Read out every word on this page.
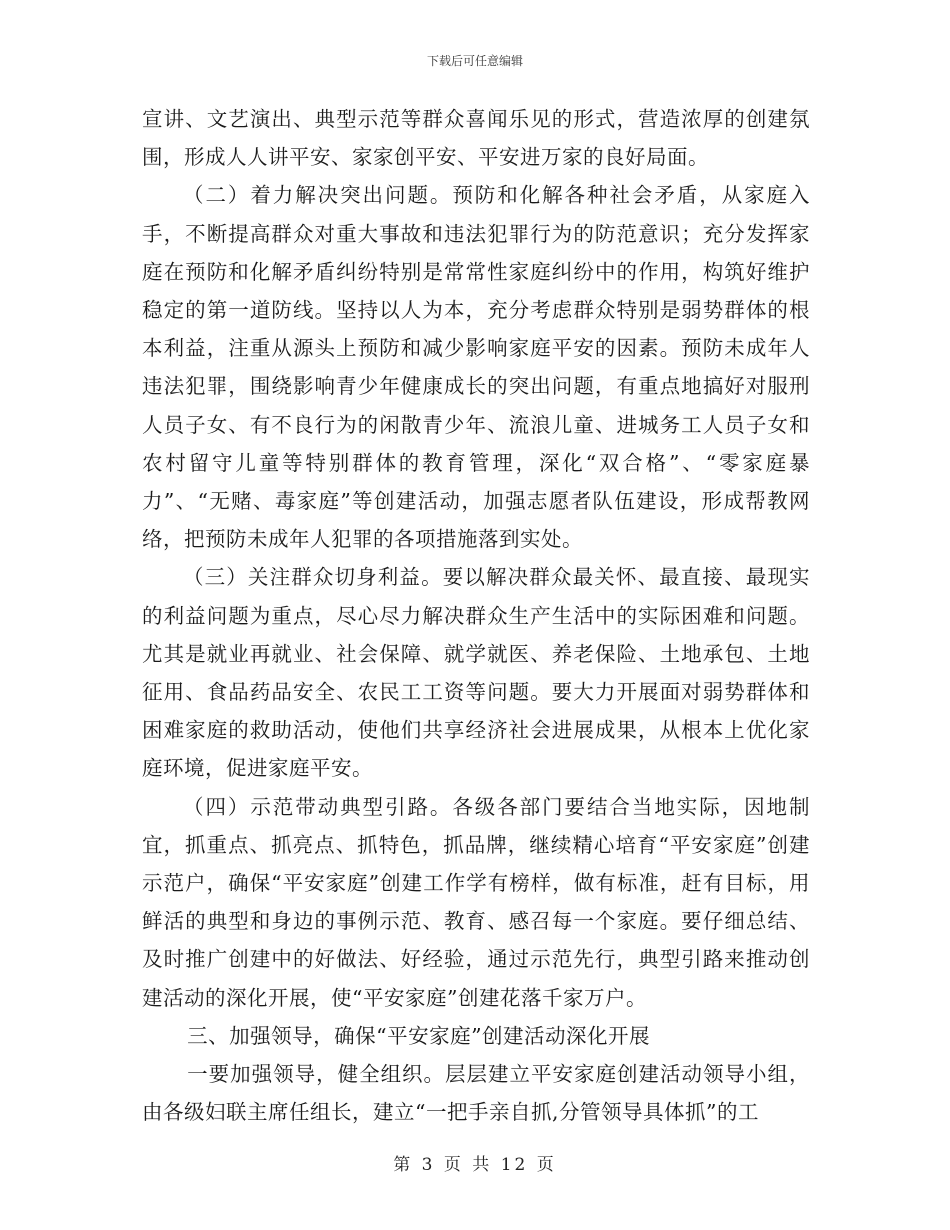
下载后可任意编辑

宣讲、文艺演出、典型示范等群众喜闻乐见的形式，营造浓厚的创建氛围，形成人人讲平安、家家创平安、平安进万家的良好局面。

（二）着力解决突出问题。预防和化解各种社会矛盾，从家庭入手，不断提高群众对重大事故和违法犯罪行为的防范意识；充分发挥家庭在预防和化解矛盾纠纷特别是常常性家庭纠纷中的作用，构筑好维护稳定的第一道防线。坚持以人为本，充分考虑群众特别是弱势群体的根本利益，注重从源头上预防和减少影响家庭平安的因素。预防未成年人违法犯罪，围绕影响青少年健康成长的突出问题，有重点地搞好对服刑人员子女、有不良行为的闲散青少年、流浪儿童、进城务工人员子女和农村留守儿童等特别群体的教育管理，深化“双合格”、“零家庭暴力”、“无赌、毒家庭”等创建活动，加强志愿者队伍建设，形成帮教网络，把预防未成年人犯罪的各项措施落到实处。

（三）关注群众切身利益。要以解决群众最关怀、最直接、最现实的利益问题为重点，尽心尽力解决群众生产生活中的实际困难和问题。尤其是就业再就业、社会保障、就学就医、养老保险、土地承包、土地征用、食品药品安全、农民工工资等问题。要大力开展面对弱势群体和困难家庭的救助活动，使他们共享经济社会进展成果，从根本上优化家庭环境，促进家庭平安。

（四）示范带动典型引路。各级各部门要结合当地实际，因地制宜，抓重点、抓亮点、抓特色，抓品牌，继续精心培育“平安家庭”创建示范户，确保“平安家庭”创建工作学有榜样，做有标准，赶有目标，用鲜活的典型和身边的事例示范、教育、感召每一个家庭。要仔细总结、及时推广创建中的好做法、好经验，通过示范先行，典型引路来推动创建活动的深化开展，使“平安家庭”创建花落千家万户。

三、加强领导，确保“平安家庭”创建活动深化开展

一要加强领导，健全组织。层层建立平安家庭创建活动领导小组，由各级妇联主席任组长，建立“一把手亲自抓,分管领导具体抓”的工

第 3 页 共 12 页
